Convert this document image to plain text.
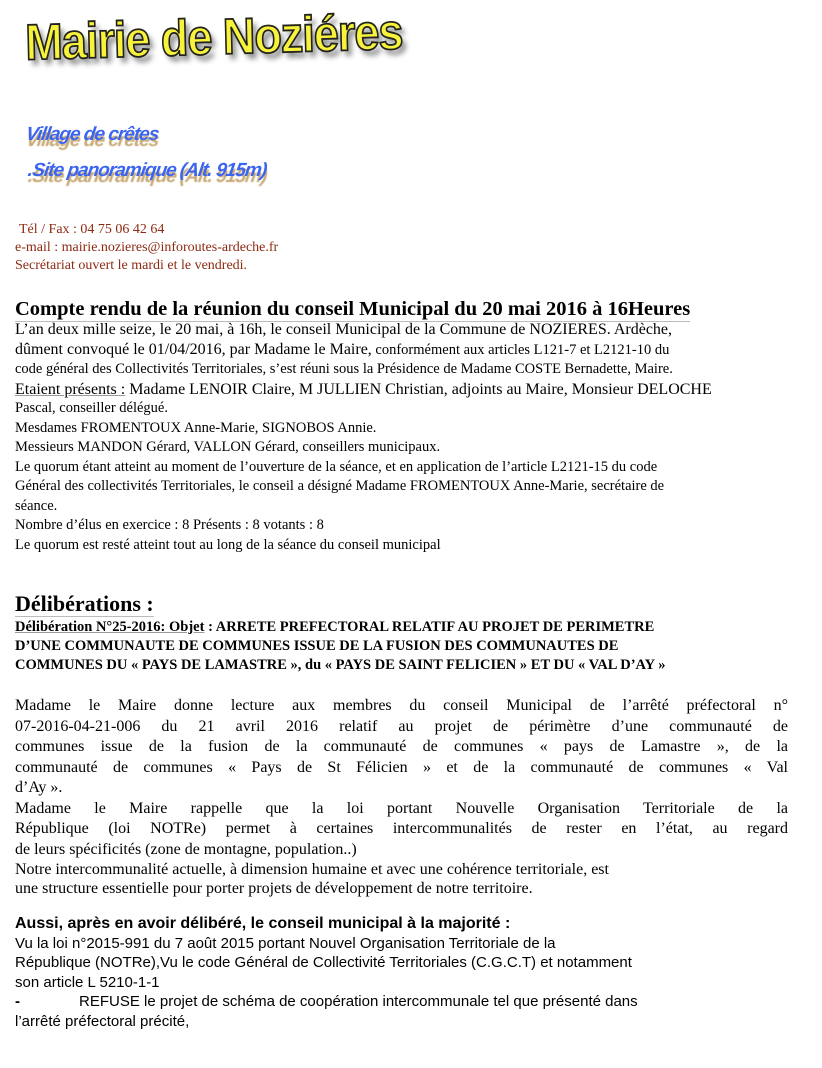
Mairie de Noziéres
Village de crêtes
.Site panoramique (Alt. 915m)
Tél / Fax : 04 75 06 42 64
e-mail : mairie.nozieres@inforoutes-ardeche.fr
Secrétariat ouvert le mardi et le vendredi.
Compte rendu de la réunion du conseil Municipal du 20 mai 2016 à 16Heures
L’an deux mille seize, le 20 mai, à 16h, le conseil Municipal de la Commune de NOZIERES. Ardèche,
dûment convoqué le 01/04/2016, par Madame le Maire, conformément aux articles L121-7 et L2121-10 du
code général des Collectivités Territoriales, s’est réuni sous la Présidence de Madame COSTE Bernadette, Maire.
Etaient présents : Madame LENOIR Claire, M JULLIEN Christian, adjoints au Maire, Monsieur DELOCHE
Pascal, conseiller délégué.
Mesdames FROMENTOUX Anne-Marie, SIGNOBOS Annie.
Messieurs MANDON Gérard, VALLON Gérard, conseillers municipaux.
Le quorum étant atteint au moment de l’ouverture de la séance, et en application de l’article L2121-15 du code
Général des collectivités Territoriales, le conseil a désigné Madame FROMENTOUX Anne-Marie, secrétaire de
séance.
Nombre d’élus en exercice : 8 Présents : 8 votants : 8
Le quorum est resté atteint tout au long de la séance du conseil municipal
Délibérations :
Délibération N°25-2016: Objet : ARRETE PREFECTORAL RELATIF AU PROJET DE PERIMETRE
D’UNE COMMUNAUTE DE COMMUNES ISSUE DE LA FUSION DES COMMUNAUTES DE
COMMUNES DU « PAYS DE LAMASTRE », du « PAYS DE SAINT FELICIEN » ET DU « VAL D’AY »
Madame le Maire donne lecture aux membres du conseil Municipal de l’arrêté préfectoral n°
07-2016-04-21-006 du 21 avril 2016 relatif au projet de périmètre d’une communauté de
communes issue de la fusion de la communauté de communes « pays de Lamastre », de la
communauté de communes « Pays de St Félicien » et de la communauté de communes « Val
d’Ay ».
Madame le Maire rappelle que la loi portant Nouvelle Organisation Territoriale de la
République (loi NOTRe) permet à certaines intercommunalités de rester en l’état, au regard
de leurs spécificités (zone de montagne, population..)
Notre intercommunalité actuelle, à dimension humaine et avec une cohérence territoriale, est
une structure essentielle pour porter projets de développement de notre territoire.
Aussi, après en avoir délibéré, le conseil municipal à la majorité :
Vu la loi n°2015-991 du 7 août 2015 portant Nouvel Organisation Territoriale de la
République (NOTRe),Vu le code Général de Collectivité Territoriales (C.G.C.T) et notamment
son article L 5210-1-1
-	REFUSE le projet de schéma de coopération intercommunale tel que présenté dans
l’arrêté préfectoral précité,
